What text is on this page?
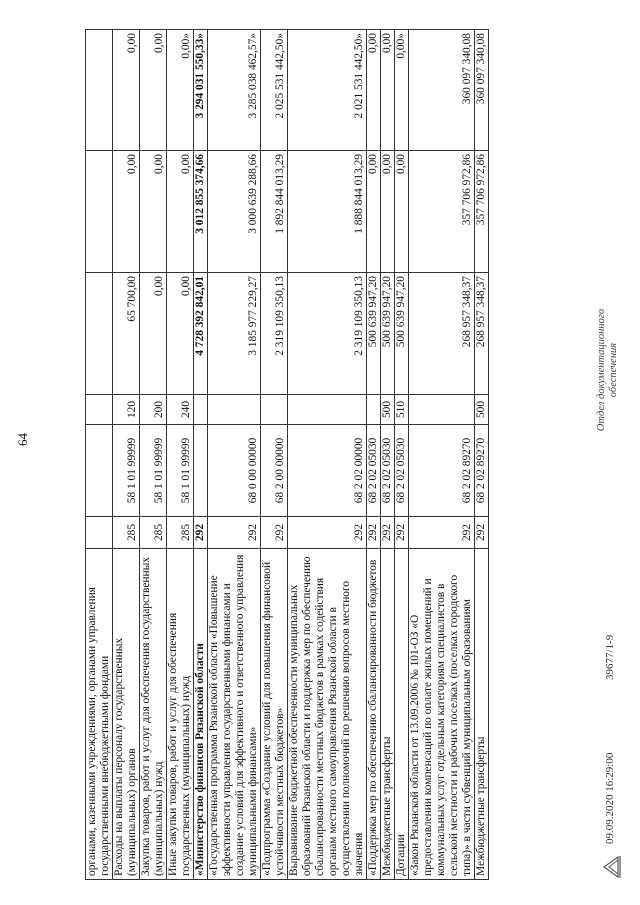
64
органами, казенными учреждениями, органами управления государственными внебюджетными фондами						
Расходы на выплаты персоналу государственных (муниципальных) органов	285	58 1 01 99999	120	65 700,00	0,00	0,00
Закупка товаров, работ и услуг для обеспечения государственных (муниципальных) нужд	285	58 1 01 99999	200	0,00	0,00	0,00
Иные закупки товаров, работ и услуг для обеспечения государственных (муниципальных) нужд	285	58 1 01 99999	240	0,00	0,00	0,00»
«Министерство финансов Рязанской области	292			4 728 392 842,01	3 012 855 374,66	3 294 031 550,33»
«Государственная программа Рязанской области «Повышение эффективности управления государственными финансами и создание условий для эффективного и ответственного управления муниципальными финансами»	292	68 0 00 00000		3 185 977 229,27	3 000 639 288,66	3 285 038 462,57»
«Подпрограмма «Создание условий для повышения финансовой устойчивости местных бюджетов»	292	68 2 00 00000		2 319 109 350,13	1 892 844 013,29	2 025 531 442,50»
Выравнивание бюджетной обеспеченности муниципальных образований Рязанской области и поддержка мер по обеспечению сбалансированности местных бюджетов в рамках содействия органам местного самоуправления Рязанской области в осуществлении полномочий по решению вопросов местного значения	292	68 2 02 00000		2 319 109 350,13	1 888 844 013,29	2 021 531 442,50»
«Поддержка мер по обеспечению сбалансированности бюджетов	292	68 2 02 05030		500 639 947,20	0,00	0,00
Межбюджетные трансферты	292	68 2 02 05030	500	500 639 947,20	0,00	0,00
Дотации	292	68 2 02 05030	510	500 639 947,20	0,00	0,00»
«Закон Рязанской области от 13.09.2006 № 101-ОЗ «О предоставлении компенсаций по оплате жилых помещений и коммунальных услуг отдельным категориям специалистов в сельской местности и рабочих поселках (поселках городского типа)» в части субвенций муниципальным образованиям	292	68 2 02 89270		268 957 348,37	357 706 972,86	360 097 340,08
Межбюджетные трансферты	292	68 2 02 89270	500	268 957 348,37	357 706 972,86	360 097 340,08
09.09.2020 16:29:00
39677/1-9
Отдел документационного обеспечения
